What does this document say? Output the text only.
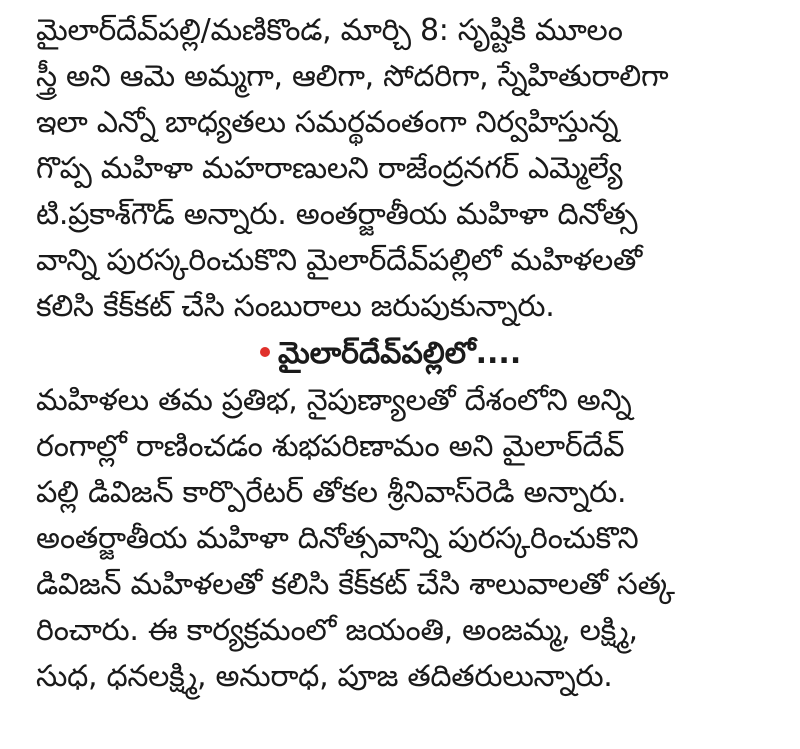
మైలార్‌దేవ్‌పల్లి/మణికొండ, మార్చి 8: సృష్టికి మూలం
స్త్రీ అని ఆమె అమ్మగా, ఆలిగా, సోదరిగా, స్నేహితురాలిగా
ఇలా ఎన్నో బాధ్యతలు సమర్థవంతంగా నిర్వహిస్తున్న
గొప్ప మహిళా మహరాణులని రాజేంద్రనగర్ ఎమ్మెల్యే
టి.ప్రకాశ్‌గౌడ్ అన్నారు. అంతర్జాతీయ మహిళా దినోత్స
వాన్ని పురస్కరించుకొని మైలార్‌దేవ్‌పల్లిలో మహిళలతో
కలిసి కేక్‌కట్ చేసి సంబురాలు జరుపుకున్నారు.
మైలార్‌దేవ్‌పల్లిలో....
మహిళలు తమ ప్రతిభ, నైపుణ్యాలతో దేశంలోని అన్ని
రంగాల్లో రాణించడం శుభపరిణామం అని మైలార్‌దేవ్
పల్లి డివిజన్ కార్పొరేటర్ తోకల శ్రీనివాస్‌రెడి అన్నారు.
అంతర్జాతీయ మహిళా దినోత్సవాన్ని పురస్కరించుకొని
డివిజన్ మహిళలతో కలిసి కేక్‌కట్ చేసి శాలువాలతో సత్క
రించారు. ఈ కార్యక్రమంలో జయంతి, అంజమ్మ, లక్ష్మి,
సుధ, ధనలక్ష్మి, అనురాధ, పూజ తదితరులున్నారు.
